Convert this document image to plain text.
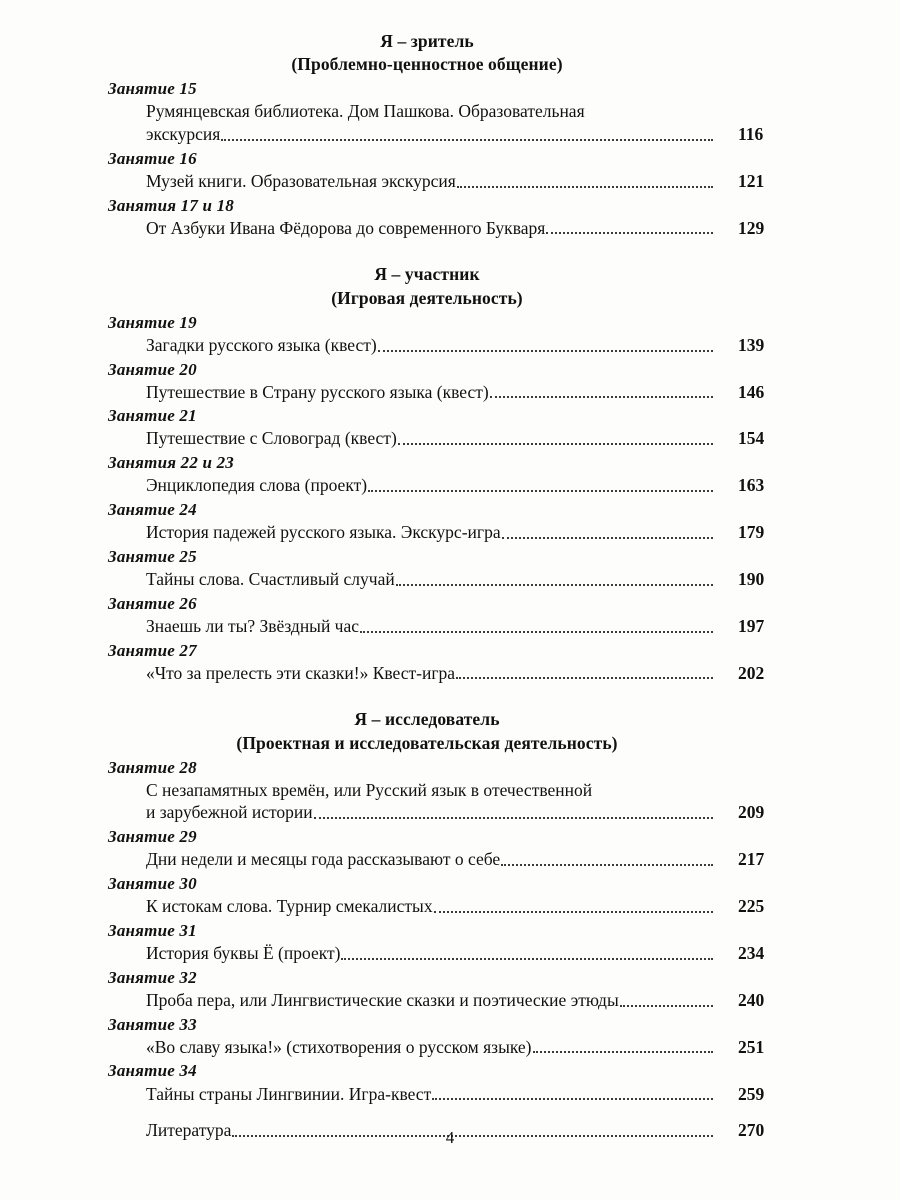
Я – зритель
(Проблемно-ценностное общение)
Занятие 15
Румянцевская библиотека. Дом Пашкова. Образовательная
экскурсия	116
Занятие 16
Музей книги. Образовательная экскурсия	121
Занятия 17 и 18
От Азбуки Ивана Фёдорова до современного Букваря	129
Я – участник
(Игровая деятельность)
Занятие 19
Загадки русского языка (квест)	139
Занятие 20
Путешествие в Страну русского языка (квест)	146
Занятие 21
Путешествие с Словоград (квест)	154
Занятия 22 и 23
Энциклопедия слова (проект)	163
Занятие 24
История падежей русского языка. Экскурс-игра	179
Занятие 25
Тайны слова. Счастливый случай	190
Занятие 26
Знаешь ли ты? Звёздный час	197
Занятие 27
«Что за прелесть эти сказки!» Квест-игра	202
Я – исследователь
(Проектная и исследовательская деятельность)
Занятие 28
С незапамятных времён, или Русский язык в отечественной
и зарубежной истории	209
Занятие 29
Дни недели и месяцы года рассказывают о себе	217
Занятие 30
К истокам слова. Турнир смекалистых	225
Занятие 31
История буквы Ё (проект)	234
Занятие 32
Проба пера, или Лингвистические сказки и поэтические этюды	240
Занятие 33
«Во славу языка!» (стихотворения о русском языке)	251
Занятие 34
Тайны страны Лингвинии. Игра-квест	259
Литература	270
4
